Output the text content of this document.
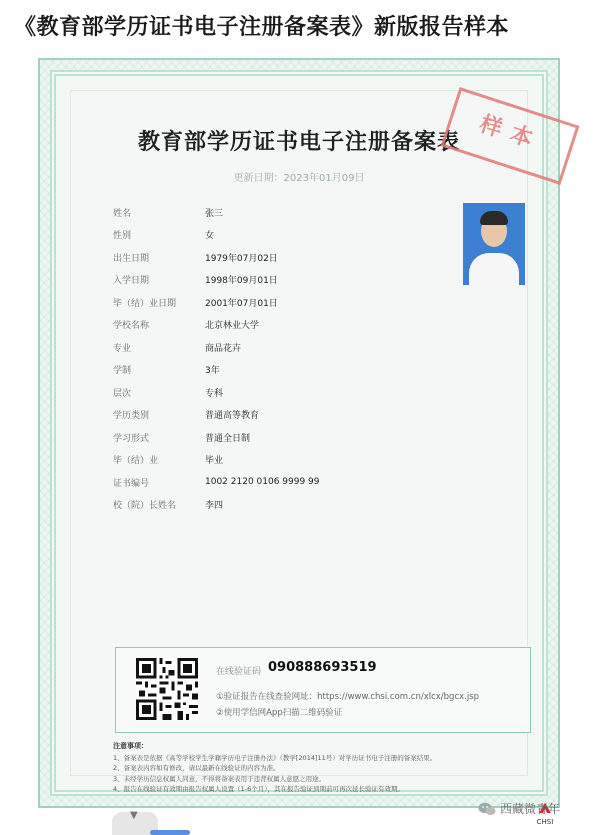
《教育部学历证书电子注册备案表》新版报告样本
教育部学历证书电子注册备案表
更新日期：2023年01月09日
样本
姓名	张三
性别	女
出生日期	1979年07月02日
入学日期	1998年09月01日
毕（结）业日期	2001年07月01日
学校名称	北京林业大学
专业	商品花卉
学制	3年
层次	专科
学历类别	普通高等教育
学习形式	普通全日制
毕（结）业	毕业
证书编号	1002 2120 0106 9999 99
校（院）长姓名	李四
在线验证码 090888693519
①验证报告在线查验网址：https://www.chsi.com.cn/xlcx/bgcx.jsp
②使用学信网App扫描二维码验证
注意事项：
1、备案表是依据《高等学校学生学籍学历电子注册办法》（教学[2014]11号）对学历证书电子注册的备案结果。
2、备案表内容如有修改，请以最新在线验证的内容为准。
3、未经学历信息权属人同意，不得将备案表用于违背权属人意愿之用途。
4、报告在线验证有效期由报告权属人设置（1-6个月），其在报告验证到期前可再次延长验证有效期。
CHSI
西藏微青年
▼
